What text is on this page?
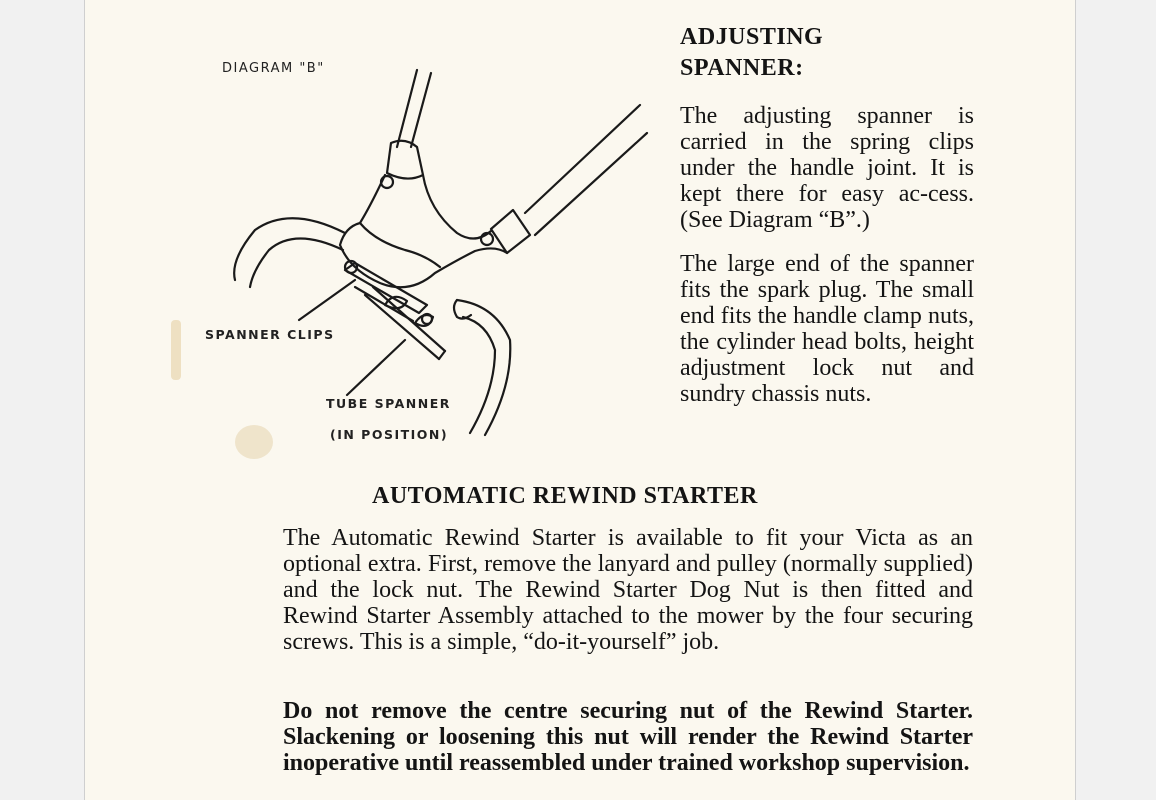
DIAGRAM "B"
SPANNER CLIPS
TUBE SPANNER
(IN POSITION)
ADJUSTING
SPANNER:
The adjusting spanner is carried in the spring clips under the handle joint. It is kept there for easy ac-cess. (See Diagram “B”.)
The large end of the spanner fits the spark plug. The small end fits the handle clamp nuts, the cylinder head bolts, height adjustment lock nut and sundry chassis nuts.
AUTOMATIC REWIND STARTER
The Automatic Rewind Starter is available to fit your Victa as an optional extra. First, remove the lanyard and pulley (normally supplied) and the lock nut. The Rewind Starter Dog Nut is then fitted and Rewind Starter Assembly attached to the mower by the four securing screws. This is a simple, “do-it-yourself” job.
Do not remove the centre securing nut of the Rewind Starter. Slackening or loosening this nut will render the Rewind Starter inoperative until reassembled under trained workshop supervision.
